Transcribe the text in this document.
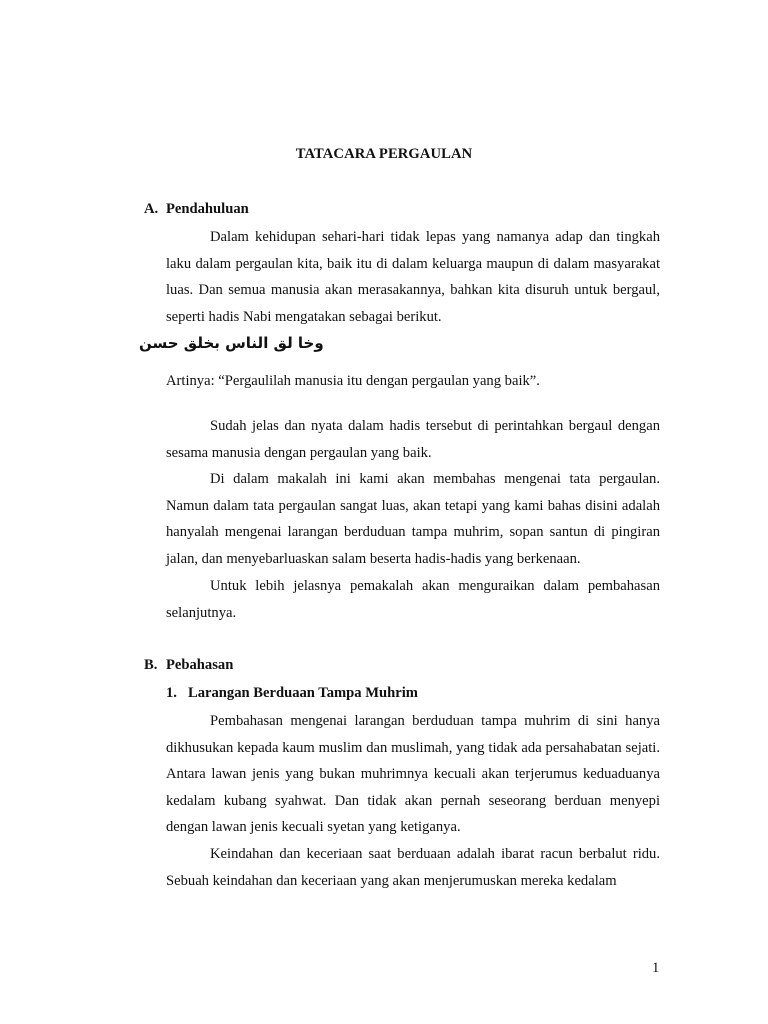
TATACARA PERGAULAN
A. Pendahuluan

Dalam kehidupan sehari-hari tidak lepas yang namanya adap dan tingkah laku dalam pergaulan kita, baik itu di dalam keluarga maupun di dalam masyarakat luas. Dan semua manusia akan merasakannya, bahkan kita disuruh untuk bergaul, seperti hadis Nabi mengatakan sebagai berikut.

وخا لق الناس بخلق حسن
Artinya: “Pergaulilah manusia itu dengan pergaulan yang baik”.

Sudah jelas dan nyata dalam hadis tersebut di perintahkan bergaul dengan sesama manusia dengan pergaulan yang baik.

Di dalam makalah ini kami akan membahas mengenai tata pergaulan. Namun dalam tata pergaulan sangat luas, akan tetapi yang kami bahas disini adalah hanyalah mengenai larangan berduduan tampa muhrim, sopan santun di pingiran jalan, dan menyebarluaskan salam beserta hadis-hadis yang berkenaan.

Untuk lebih jelasnya pemakalah akan menguraikan dalam pembahasan selanjutnya.

B. Pebahasan
1. Larangan Berduaan Tampa Muhrim

Pembahasan mengenai larangan berduduan tampa muhrim di sini hanya dikhusukan kepada kaum muslim dan muslimah, yang tidak ada persahabatan sejati. Antara lawan jenis yang bukan muhrimnya kecuali akan terjerumus keduaduanya kedalam kubang syahwat. Dan tidak akan pernah seseorang berduan menyepi dengan lawan jenis kecuali syetan yang ketiganya.

Keindahan dan keceriaan saat berduaan adalah ibarat racun berbalut ridu. Sebuah keindahan dan keceriaan yang akan menjerumuskan mereka kedalam

1
